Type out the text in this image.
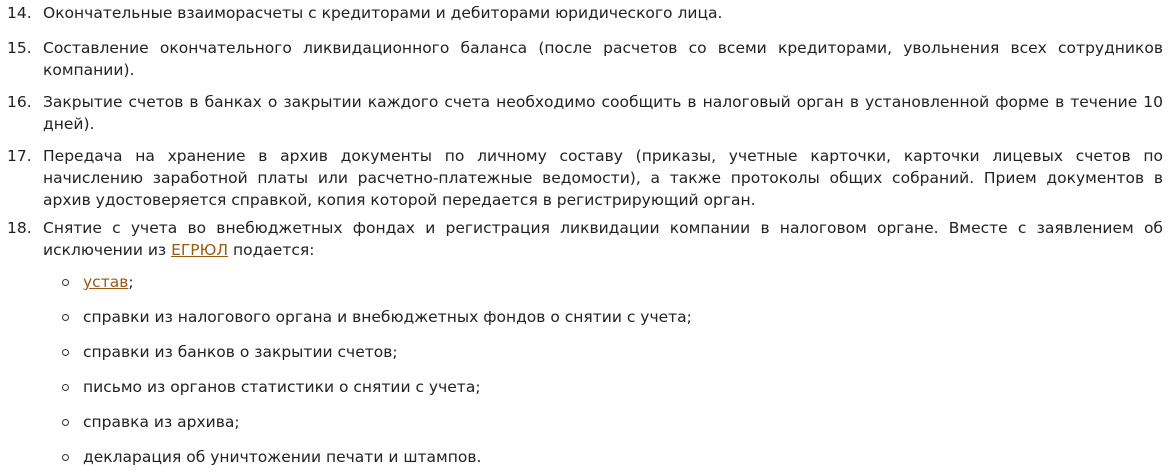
14. Окончательные взаиморасчеты с кредиторами и дебиторами юридического лица.
15. Составление окончательного ликвидационного баланса (после расчетов со всеми кредиторами, увольнения всех сотрудников
компании).
16. Закрытие счетов в банках о закрытии каждого счета необходимо сообщить в налоговый орган в установленной форме в течение 10
дней).
17. Передача на хранение в архив документы по личному составу (приказы, учетные карточки, карточки лицевых счетов по
начислению заработной платы или расчетно-платежные ведомости), а также протоколы общих собраний. Прием документов в
архив удостоверяется справкой, копия которой передается в регистрирующий орган.
18. Снятие с учета во внебюджетных фондах и регистрация ликвидации компании в налоговом органе. Вместе с заявлением об
исключении из ЕГРЮЛ подается:
устав;
справки из налогового органа и внебюджетных фондов о снятии с учета;
справки из банков о закрытии счетов;
письмо из органов статистики о снятии с учета;
справка из архива;
декларация об уничтожении печати и штампов.
